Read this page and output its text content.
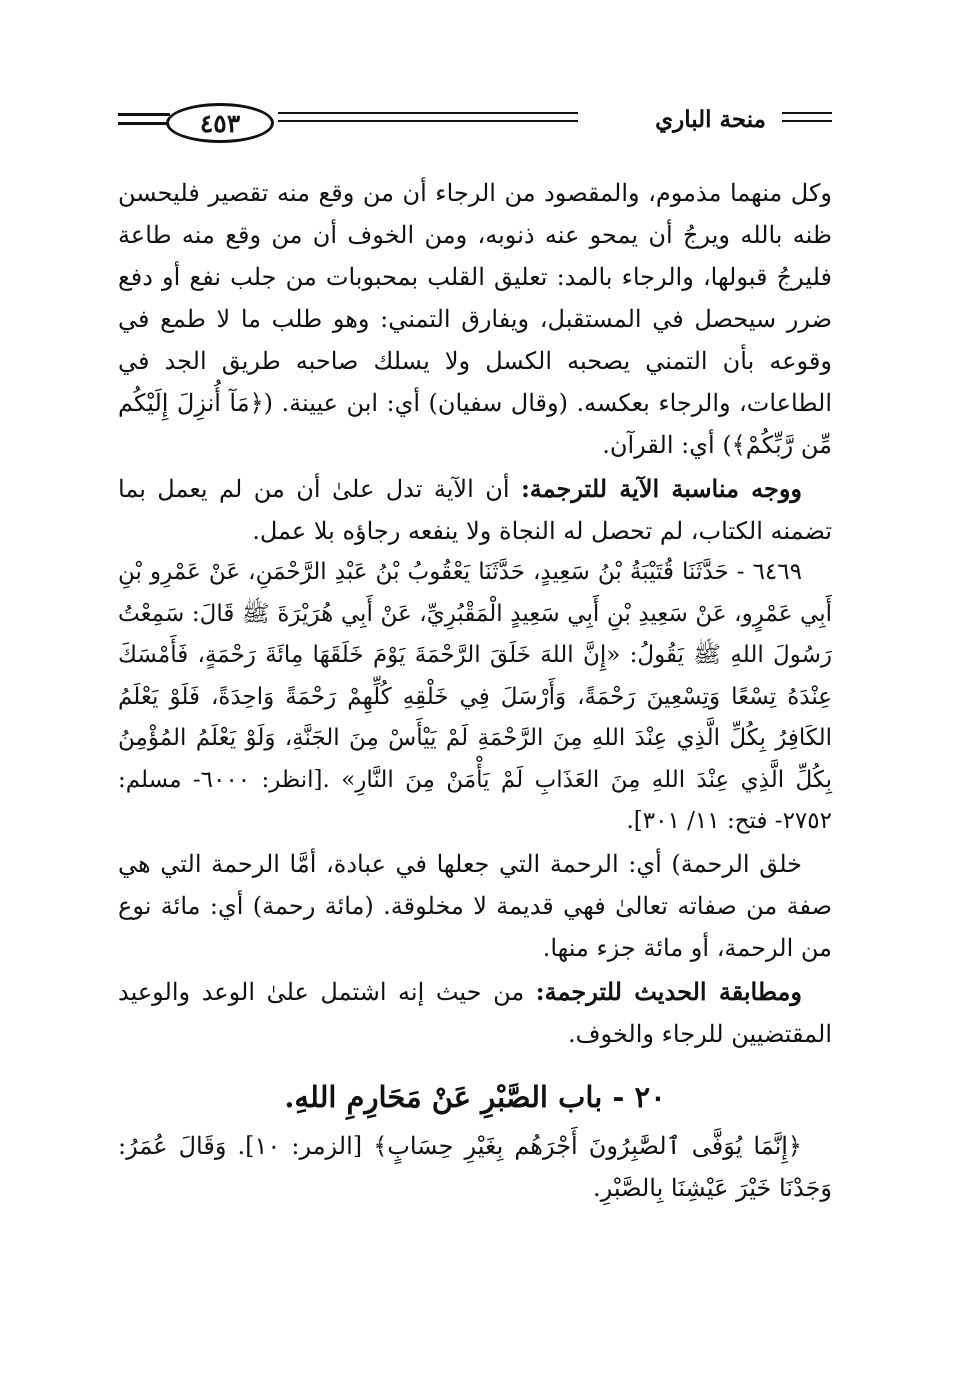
منحة الباري
٤٥٣

وكل منهما مذموم، والمقصود من الرجاء أن من وقع منه تقصير فليحسن ظنه بالله ويرجُ أن يمحو عنه ذنوبه، ومن الخوف أن من وقع منه طاعة فليرجُ قبولها، والرجاء بالمد: تعليق القلب بمحبوبات من جلب نفع أو دفع ضرر سيحصل في المستقبل، ويفارق التمني: وهو طلب ما لا طمع في وقوعه بأن التمني يصحبه الكسل ولا يسلك صاحبه طريق الجد في الطاعات، والرجاء بعكسه. (وقال سفيان) أي: ابن عيينة. (﴿مَآ أُنزِلَ إِلَيْكُم مِّن رَّبِّكُمْ﴾) أي: القرآن.

ووجه مناسبة الآية للترجمة: أن الآية تدل علىٰ أن من لم يعمل بما تضمنه الكتاب، لم تحصل له النجاة ولا ينفعه رجاؤه بلا عمل.

٦٤٦٩ - حَدَّثَنَا قُتَيْبَةُ بْنُ سَعِيدٍ، حَدَّثَنَا يَعْقُوبُ بْنُ عَبْدِ الرَّحْمَنِ، عَنْ عَمْرِو بْنِ أَبِي عَمْرٍو، عَنْ سَعِيدِ بْنِ أَبِي سَعِيدٍ الْمَقْبُرِيِّ، عَنْ أَبِي هُرَيْرَةَ ﷺ قَالَ: سَمِعْتُ رَسُولَ اللهِ ﷺ يَقُولُ: «إِنَّ اللهَ خَلَقَ الرَّحْمَةَ يَوْمَ خَلَقَهَا مِائَةَ رَحْمَةٍ، فَأَمْسَكَ عِنْدَهُ تِسْعًا وَتِسْعِينَ رَحْمَةً، وَأَرْسَلَ فِي خَلْقِهِ كُلِّهِمْ رَحْمَةً وَاحِدَةً، فَلَوْ يَعْلَمُ الكَافِرُ بِكُلِّ الَّذِي عِنْدَ اللهِ مِنَ الرَّحْمَةِ لَمْ يَيْأَسْ مِنَ الجَنَّةِ، وَلَوْ يَعْلَمُ المُؤْمِنُ بِكُلِّ الَّذِي عِنْدَ اللهِ مِنَ العَذَابِ لَمْ يَأْمَنْ مِنَ النَّارِ» .[انظر: ٦٠٠٠- مسلم: ٢٧٥٢- فتح: ١١/ ٣٠١].

خلق الرحمة) أي: الرحمة التي جعلها في عبادة، أمَّا الرحمة التي هي صفة من صفاته تعالىٰ فهي قديمة لا مخلوقة. (مائة رحمة) أي: مائة نوع من الرحمة، أو مائة جزء منها.

ومطابقة الحديث للترجمة: من حيث إنه اشتمل علىٰ الوعد والوعيد المقتضيين للرجاء والخوف.

٢٠ - باب الصَّبْرِ عَنْ مَحَارِمِ اللهِ.

﴿إِنَّمَا يُوَفَّى ٱلصَّٰبِرُونَ أَجْرَهُم بِغَيْرِ حِسَابٍ﴾ [الزمر: ١٠]. وَقَالَ عُمَرُ: وَجَدْنَا خَيْرَ عَيْشِنَا بِالصَّبْرِ.
